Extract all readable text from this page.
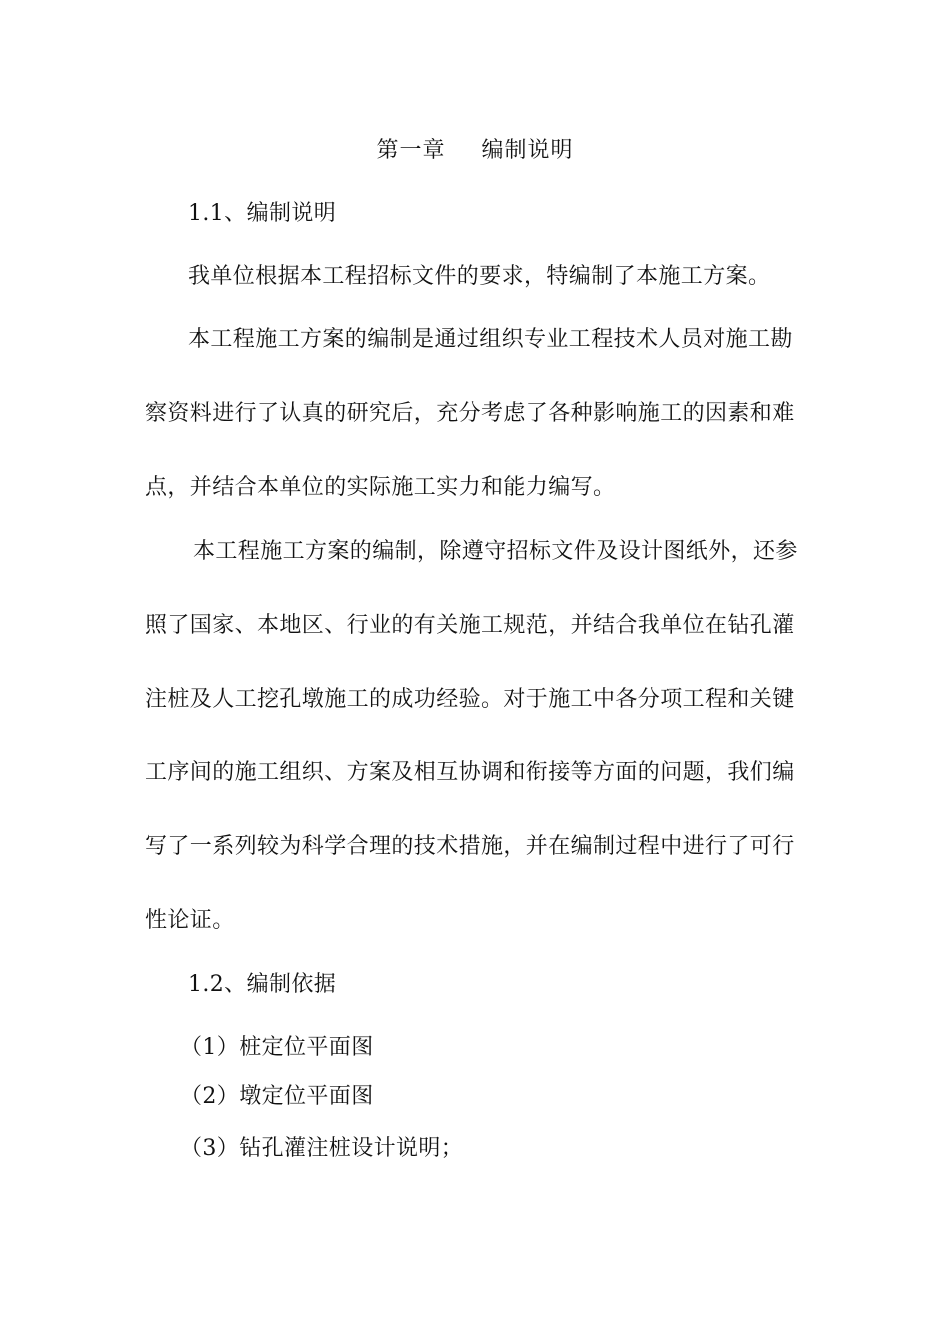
第一章 编制说明
1.1、编制说明
我单位根据本工程招标文件的要求，特编制了本施工方案。
本工程施工方案的编制是通过组织专业工程技术人员对施工勘
察资料进行了认真的研究后，充分考虑了各种影响施工的因素和难
点，并结合本单位的实际施工实力和能力编写。
本工程施工方案的编制，除遵守招标文件及设计图纸外，还参
照了国家、本地区、行业的有关施工规范，并结合我单位在钻孔灌
注桩及人工挖孔墩施工的成功经验。对于施工中各分项工程和关键
工序间的施工组织、方案及相互协调和衔接等方面的问题，我们编
写了一系列较为科学合理的技术措施，并在编制过程中进行了可行
性论证。
1.2、编制依据
（1）桩定位平面图
（2）墩定位平面图
（3）钻孔灌注桩设计说明；
